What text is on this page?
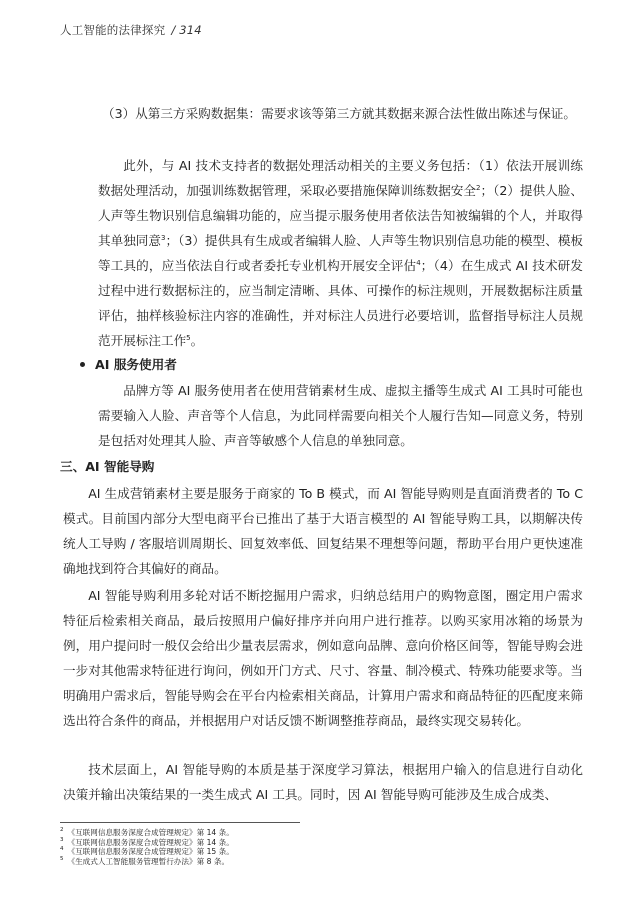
人工智能的法律探究 / 314
（3）从第三方采购数据集：需要求该等第三方就其数据来源合法性做出陈述与保证。
此外，与 AI 技术支持者的数据处理活动相关的主要义务包括：（1）依法开展训练数据处理活动，加强训练数据管理，采取必要措施保障训练数据安全$^2$；（2）提供人脸、人声等生物识别信息编辑功能的，应当提示服务使用者依法告知被编辑的个人，并取得其单独同意$^3$；（3）提供具有生成或者编辑人脸、人声等生物识别信息功能的模型、模板等工具的，应当依法自行或者委托专业机构开展安全评估$^4$；（4）在生成式 AI 技术研发过程中进行数据标注的，应当制定清晰、具体、可操作的标注规则，开展数据标注质量评估，抽样核验标注内容的准确性，并对标注人员进行必要培训，监督指导标注人员规范开展标注工作$^5$。
AI 服务使用者
品牌方等 AI 服务使用者在使用营销素材生成、虚拟主播等生成式 AI 工具时可能也需要输入人脸、声音等个人信息，为此同样需要向相关个人履行告知—同意义务，特别是包括对处理其人脸、声音等敏感个人信息的单独同意。
三、AI 智能导购
AI 生成营销素材主要是服务于商家的 To B 模式，而 AI 智能导购则是直面消费者的 To C 模式。目前国内部分大型电商平台已推出了基于大语言模型的 AI 智能导购工具，以期解决传统人工导购 / 客服培训周期长、回复效率低、回复结果不理想等问题，帮助平台用户更快速准确地找到符合其偏好的商品。
AI 智能导购利用多轮对话不断挖掘用户需求，归纳总结用户的购物意图，圈定用户需求特征后检索相关商品，最后按照用户偏好排序并向用户进行推荐。以购买家用冰箱的场景为例，用户提问时一般仅会给出少量表层需求，例如意向品牌、意向价格区间等，智能导购会进一步对其他需求特征进行询问，例如开门方式、尺寸、容量、制冷模式、特殊功能要求等。当明确用户需求后，智能导购会在平台内检索相关商品，计算用户需求和商品特征的匹配度来筛选出符合条件的商品，并根据用户对话反馈不断调整推荐商品，最终实现交易转化。
技术层面上，AI 智能导购的本质是基于深度学习算法，根据用户输入的信息进行自动化决策并输出决策结果的一类生成式 AI 工具。同时，因 AI 智能导购可能涉及生成合成类、
$^2$ 《互联网信息服务深度合成管理规定》第 14 条。
$^3$ 《互联网信息服务深度合成管理规定》第 14 条。
$^4$ 《互联网信息服务深度合成管理规定》第 15 条。
$^5$ 《生成式人工智能服务管理暂行办法》第 8 条。
